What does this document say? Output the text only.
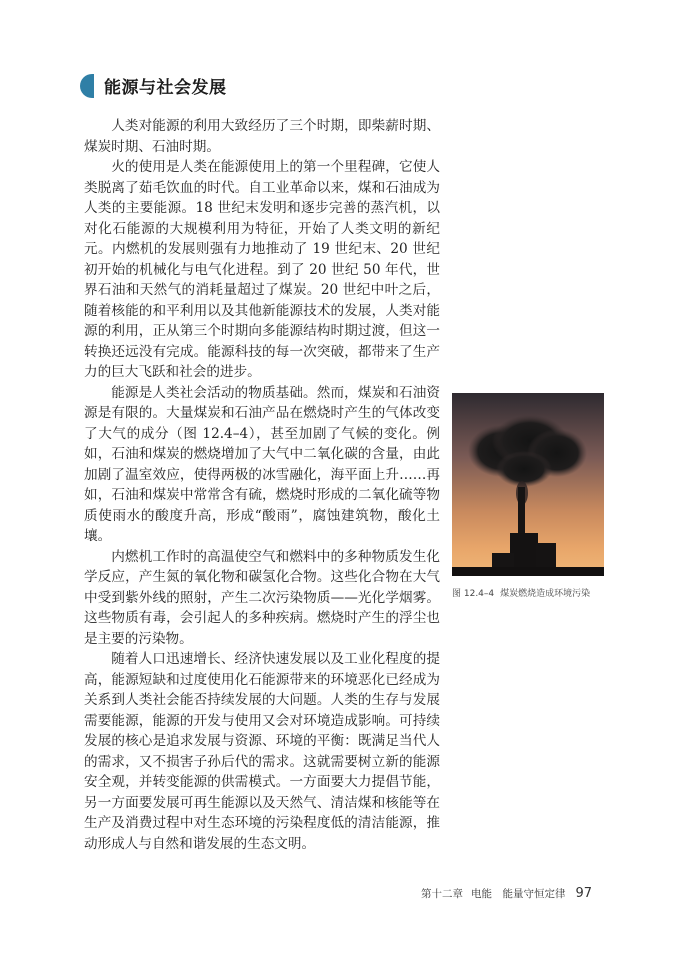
能源与社会发展

人类对能源的利用大致经历了三个时期，即柴薪时期、煤炭时期、石油时期。

火的使用是人类在能源使用上的第一个里程碑，它使人类脱离了茹毛饮血的时代。自工业革命以来，煤和石油成为人类的主要能源。18 世纪末发明和逐步完善的蒸汽机，以对化石能源的大规模利用为特征，开始了人类文明的新纪元。内燃机的发展则强有力地推动了 19 世纪末、20 世纪初开始的机械化与电气化进程。到了 20 世纪 50 年代，世界石油和天然气的消耗量超过了煤炭。20 世纪中叶之后，随着核能的和平利用以及其他新能源技术的发展，人类对能源的利用，正从第三个时期向多能源结构时期过渡，但这一转换还远没有完成。能源科技的每一次突破，都带来了生产力的巨大飞跃和社会的进步。

能源是人类社会活动的物质基础。然而，煤炭和石油资源是有限的。大量煤炭和石油产品在燃烧时产生的气体改变了大气的成分（图 12.4–4），甚至加剧了气候的变化。例如，石油和煤炭的燃烧增加了大气中二氧化碳的含量，由此加剧了温室效应，使得两极的冰雪融化，海平面上升……再如，石油和煤炭中常常含有硫，燃烧时形成的二氧化硫等物质使雨水的酸度升高，形成“酸雨”，腐蚀建筑物，酸化土壤。

内燃机工作时的高温使空气和燃料中的多种物质发生化学反应，产生氮的氧化物和碳氢化合物。这些化合物在大气中受到紫外线的照射，产生二次污染物质——光化学烟雾。这些物质有毒，会引起人的多种疾病。燃烧时产生的浮尘也是主要的污染物。

随着人口迅速增长、经济快速发展以及工业化程度的提高，能源短缺和过度使用化石能源带来的环境恶化已经成为关系到人类社会能否持续发展的大问题。人类的生存与发展需要能源，能源的开发与使用又会对环境造成影响。可持续发展的核心是追求发展与资源、环境的平衡：既满足当代人的需求，又不损害子孙后代的需求。这就需要树立新的能源安全观，并转变能源的供需模式。一方面要大力提倡节能，另一方面要发展可再生能源以及天然气、清洁煤和核能等在生产及消费过程中对生态环境的污染程度低的清洁能源，推动形成人与自然和谐发展的生态文明。

图 12.4–4 煤炭燃烧造成环境污染
第十二章 电能　能量守恒定律 97
